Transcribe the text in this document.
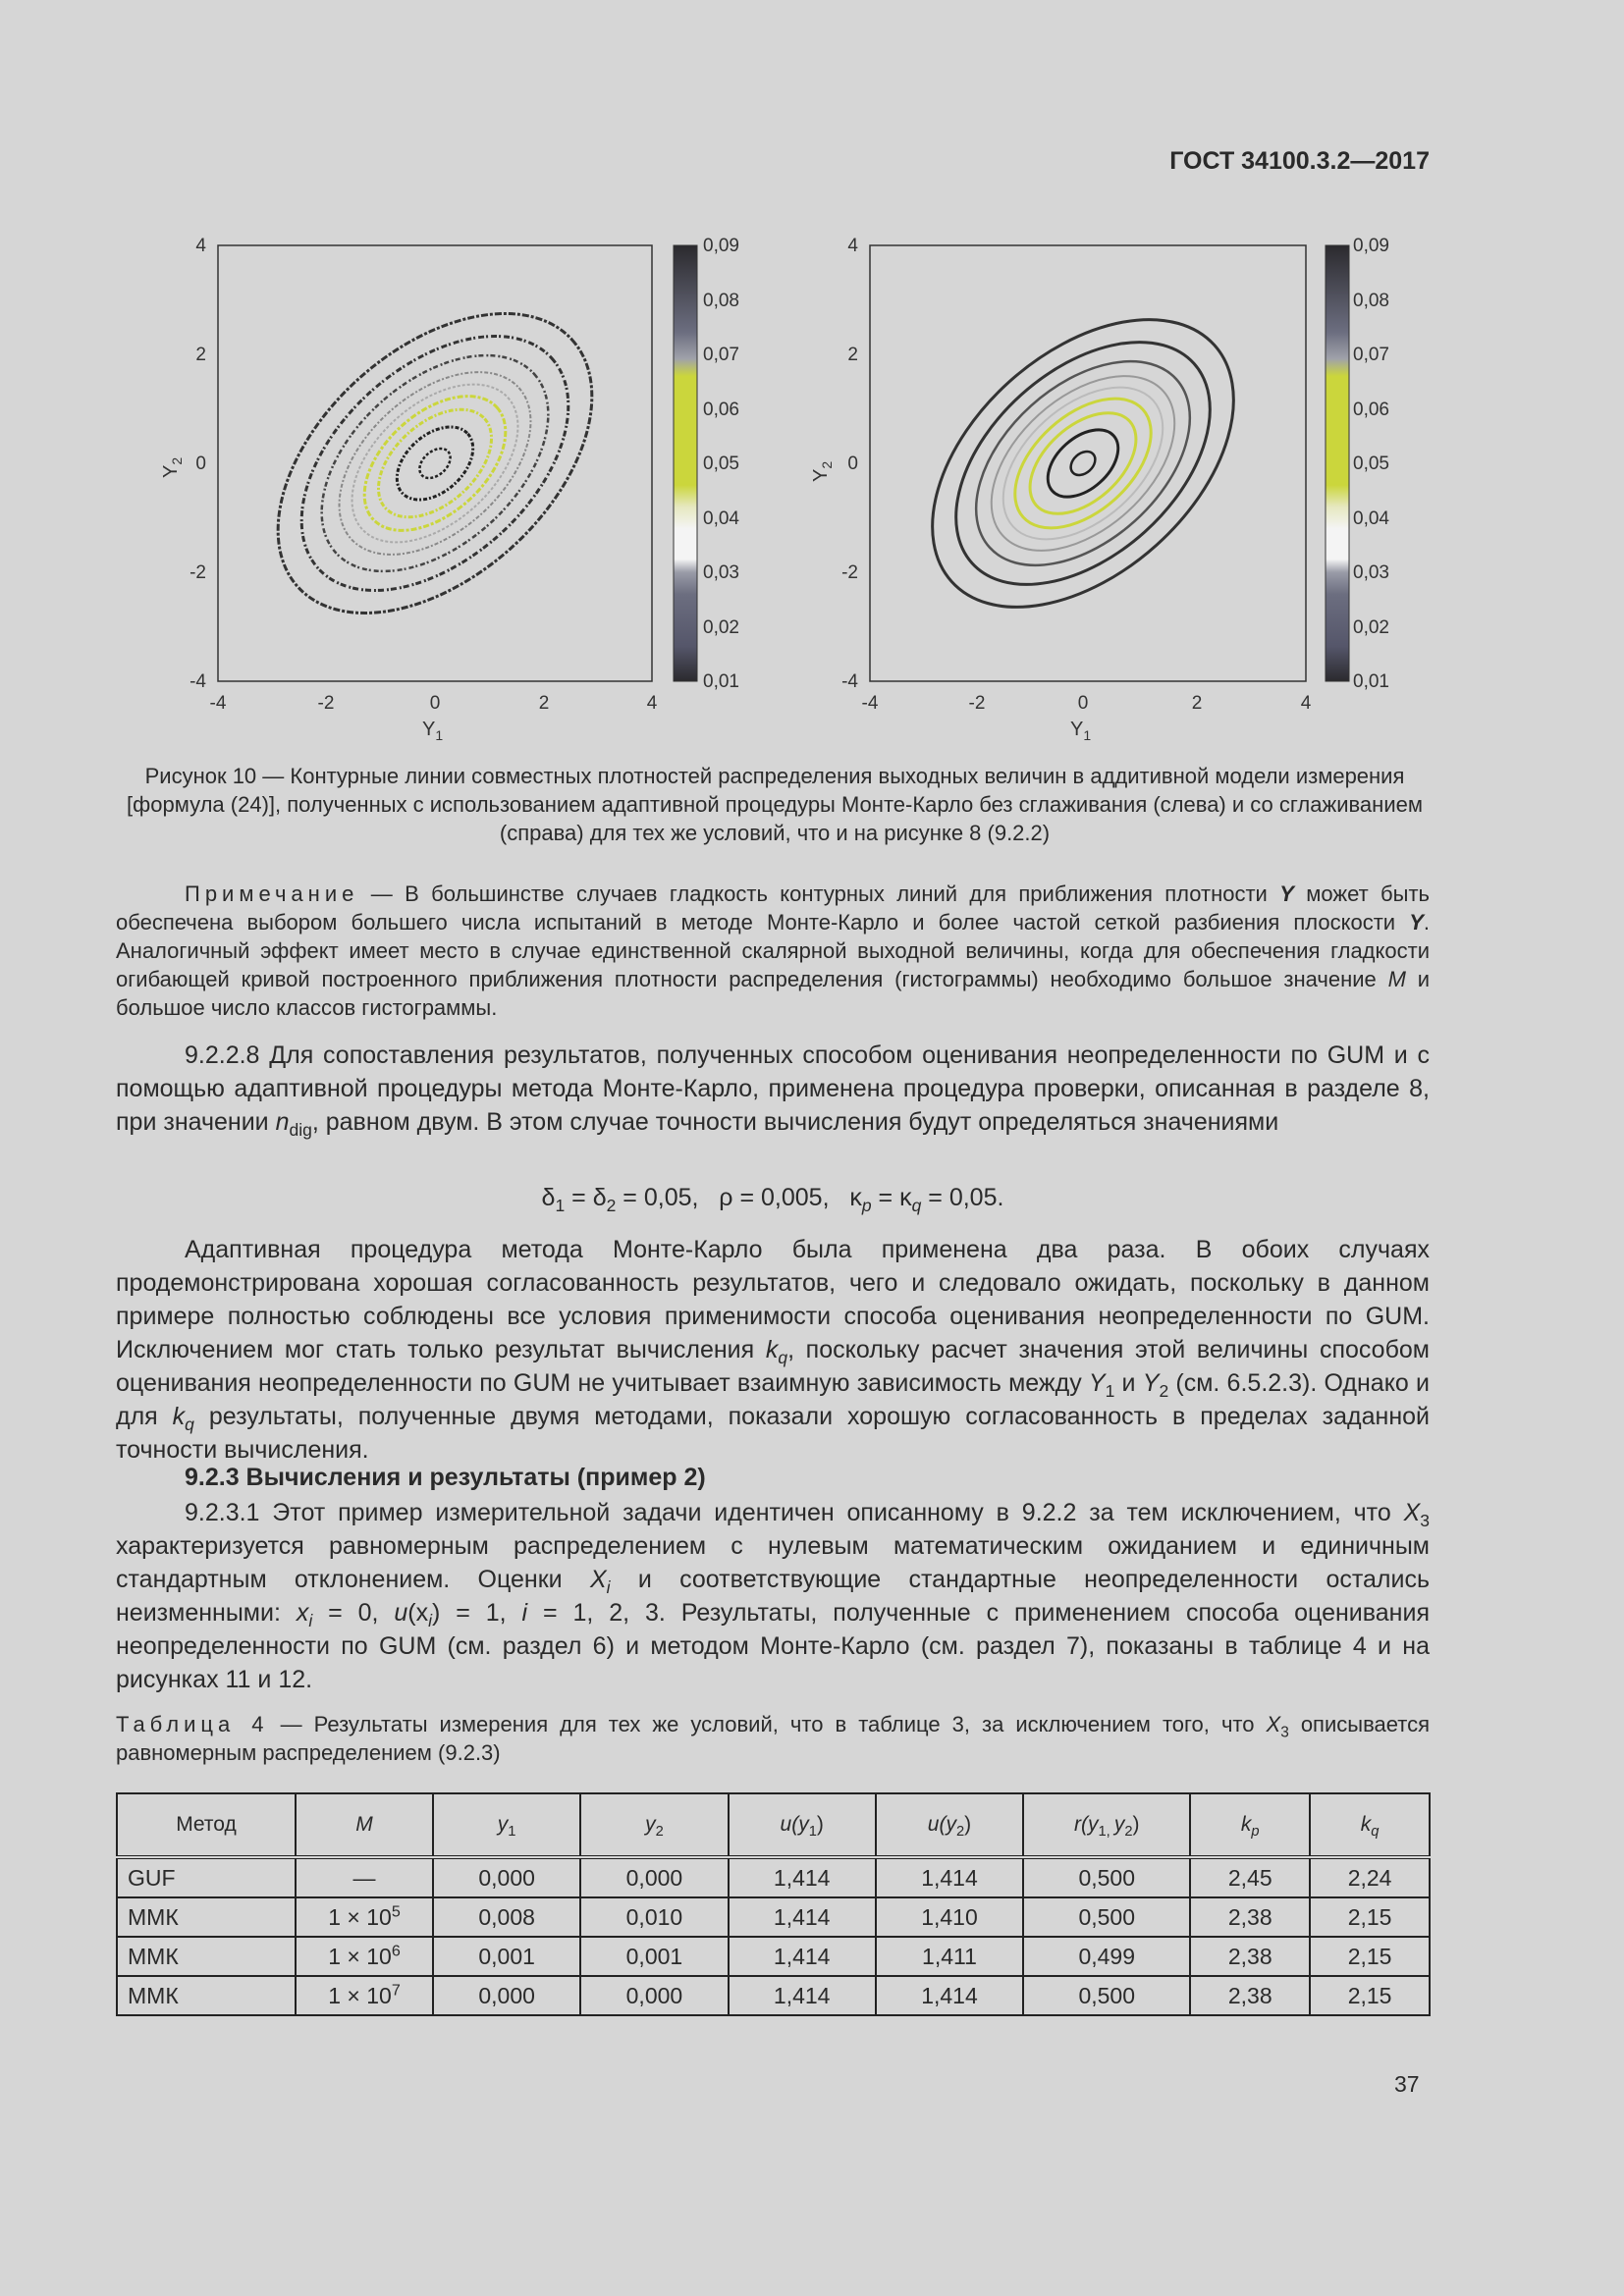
ГОСТ 34100.3.2—2017
4
2
0
-2
-4
-4	-2	0	2	4
$Y_1$
$Y_2$
0,09
0,08
0,07
0,06
0,05
0,04
0,03
0,02
0,01
4
2
0
-2
-4
-4	-2	0	2	4
$Y_1$
$Y_2$
0,09
0,08
0,07
0,06
0,05
0,04
0,03
0,02
0,01
Рисунок 10 — Контурные линии совместных плотностей распределения выходных величин в аддитивной модели измерения [формула (24)], полученных с использованием адаптивной процедуры Монте-Карло без сглаживания (слева) и со сглаживанием (справа) для тех же условий, что и на рисунке 8 (9.2.2)
Примечание — В большинстве случаев гладкость контурных линий для приближения плотности Y может быть обеспечена выбором большего числа испытаний в методе Монте-Карло и более частой сеткой разбиения плоскости Y. Аналогичный эффект имеет место в случае единственной скалярной выходной величины, когда для обеспечения гладкости огибающей кривой построенного приближения плотности распределения (гистограммы) необходимо большое значение M и большое число классов гистограммы.
9.2.2.8 Для сопоставления результатов, полученных способом оценивания неопределенности по GUM и с помощью адаптивной процедуры метода Монте-Карло, применена процедура проверки, описанная в разделе 8, при значении $n_{dig}$, равном двум. В этом случае точности вычисления будут определяться значениями
$\delta_1 = \delta_2 = 0,05$,   ρ = 0,005,   $\kappa_p = \kappa_q = 0,05$.
Адаптивная процедура метода Монте-Карло была применена два раза. В обоих случаях продемонстрирована хорошая согласованность результатов, чего и следовало ожидать, поскольку в данном примере полностью соблюдены все условия применимости способа оценивания неопределенности по GUM. Исключением мог стать только результат вычисления $k_q$, поскольку расчет значения этой величины способом оценивания неопределенности по GUM не учитывает взаимную зависимость между $Y_1$ и $Y_2$ (см. 6.5.2.3). Однако и для $k_q$ результаты, полученные двумя методами, показали хорошую согласованность в пределах заданной точности вычисления.
9.2.3 Вычисления и результаты (пример 2)
9.2.3.1 Этот пример измерительной задачи идентичен описанному в 9.2.2 за тем исключением, что $X_3$ характеризуется равномерным распределением с нулевым математическим ожиданием и единичным стандартным отклонением. Оценки $X_i$ и соответствующие стандартные неопределенности остались неизменными: $x_i = 0$, $u(x_i) = 1$, i = 1, 2, 3. Результаты, полученные с применением способа оценивания неопределенности по GUM (см. раздел 6) и методом Монте-Карло (см. раздел 7), показаны в таблице 4 и на рисунках 11 и 12.
Таблица 4 — Результаты измерения для тех же условий, что в таблице 3, за исключением того, что $X_3$ описывается равномерным распределением (9.2.3)
Метод	M	$y_1$	$y_2$	$u(y_1)$	$u(y_2)$	$r(y_{1,}$ $y_2$)	$k_p$	$k_q$
GUF	—	0,000	0,000	1,414	1,414	0,500	2,45	2,24
ММК	$1 \times 10^5$	0,008	0,010	1,414	1,410	0,500	2,38	2,15
ММК	$1 \times 10^6$	0,001	0,001	1,414	1,411	0,499	2,38	2,15
ММК	$1 \times 10^7$	0,000	0,000	1,414	1,414	0,500	2,38	2,15
37
